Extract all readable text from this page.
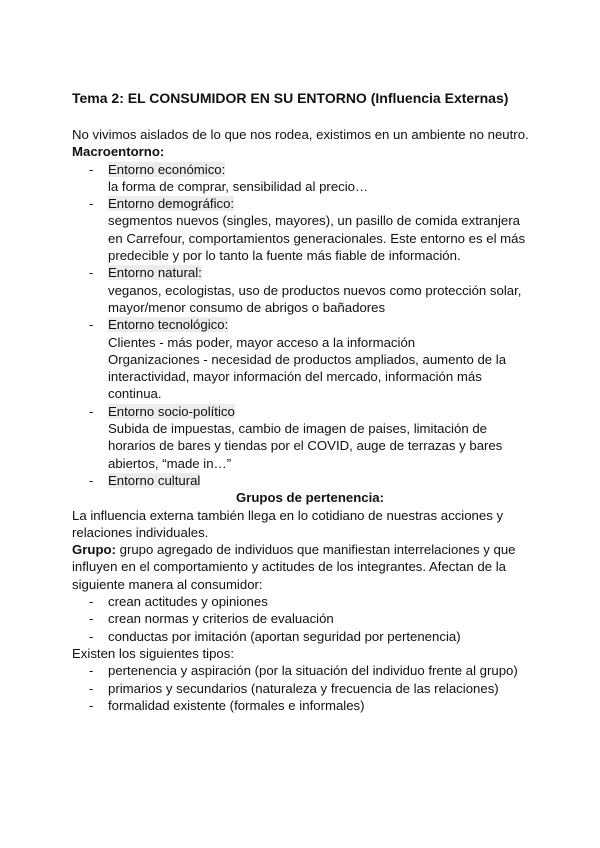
Tema 2: EL CONSUMIDOR EN SU ENTORNO (Influencia Externas)

No vivimos aislados de lo que nos rodea, existimos en un ambiente no neutro.

Macroentorno:

- Entorno económico:
la forma de comprar, sensibilidad al precio…
- Entorno demográfico:
segmentos nuevos (singles, mayores), un pasillo de comida extranjera en Carrefour, comportamientos generacionales. Este entorno es el más predecible y por lo tanto la fuente más fiable de información.
- Entorno natural:
veganos, ecologistas, uso de productos nuevos como protección solar, mayor/menor consumo de abrigos o bañadores
- Entorno tecnológico:
Clientes - más poder, mayor acceso a la información
Organizaciones - necesidad de productos ampliados, aumento de la interactividad, mayor información del mercado, información más continua.
- Entorno socio-político
Subida de impuestas, cambio de imagen de paises, limitación de horarios de bares y tiendas por el COVID, auge de terrazas y bares abiertos, “made in…”
- Entorno cultural

Grupos de pertenencia:

La influencia externa también llega en lo cotidiano de nuestras acciones y relaciones individuales.

Grupo: grupo agregado de individuos que manifiestan interrelaciones y que influyen en el comportamiento y actitudes de los integrantes. Afectan de la siguiente manera al consumidor:

- crean actitudes y opiniones
- crean normas y criterios de evaluación
- conductas por imitación (aportan seguridad por pertenencia)

Existen los siguientes tipos:

- pertenencia y aspiración (por la situación del individuo frente al grupo)
- primarios y secundarios (naturaleza y frecuencia de las relaciones)
- formalidad existente (formales e informales)
